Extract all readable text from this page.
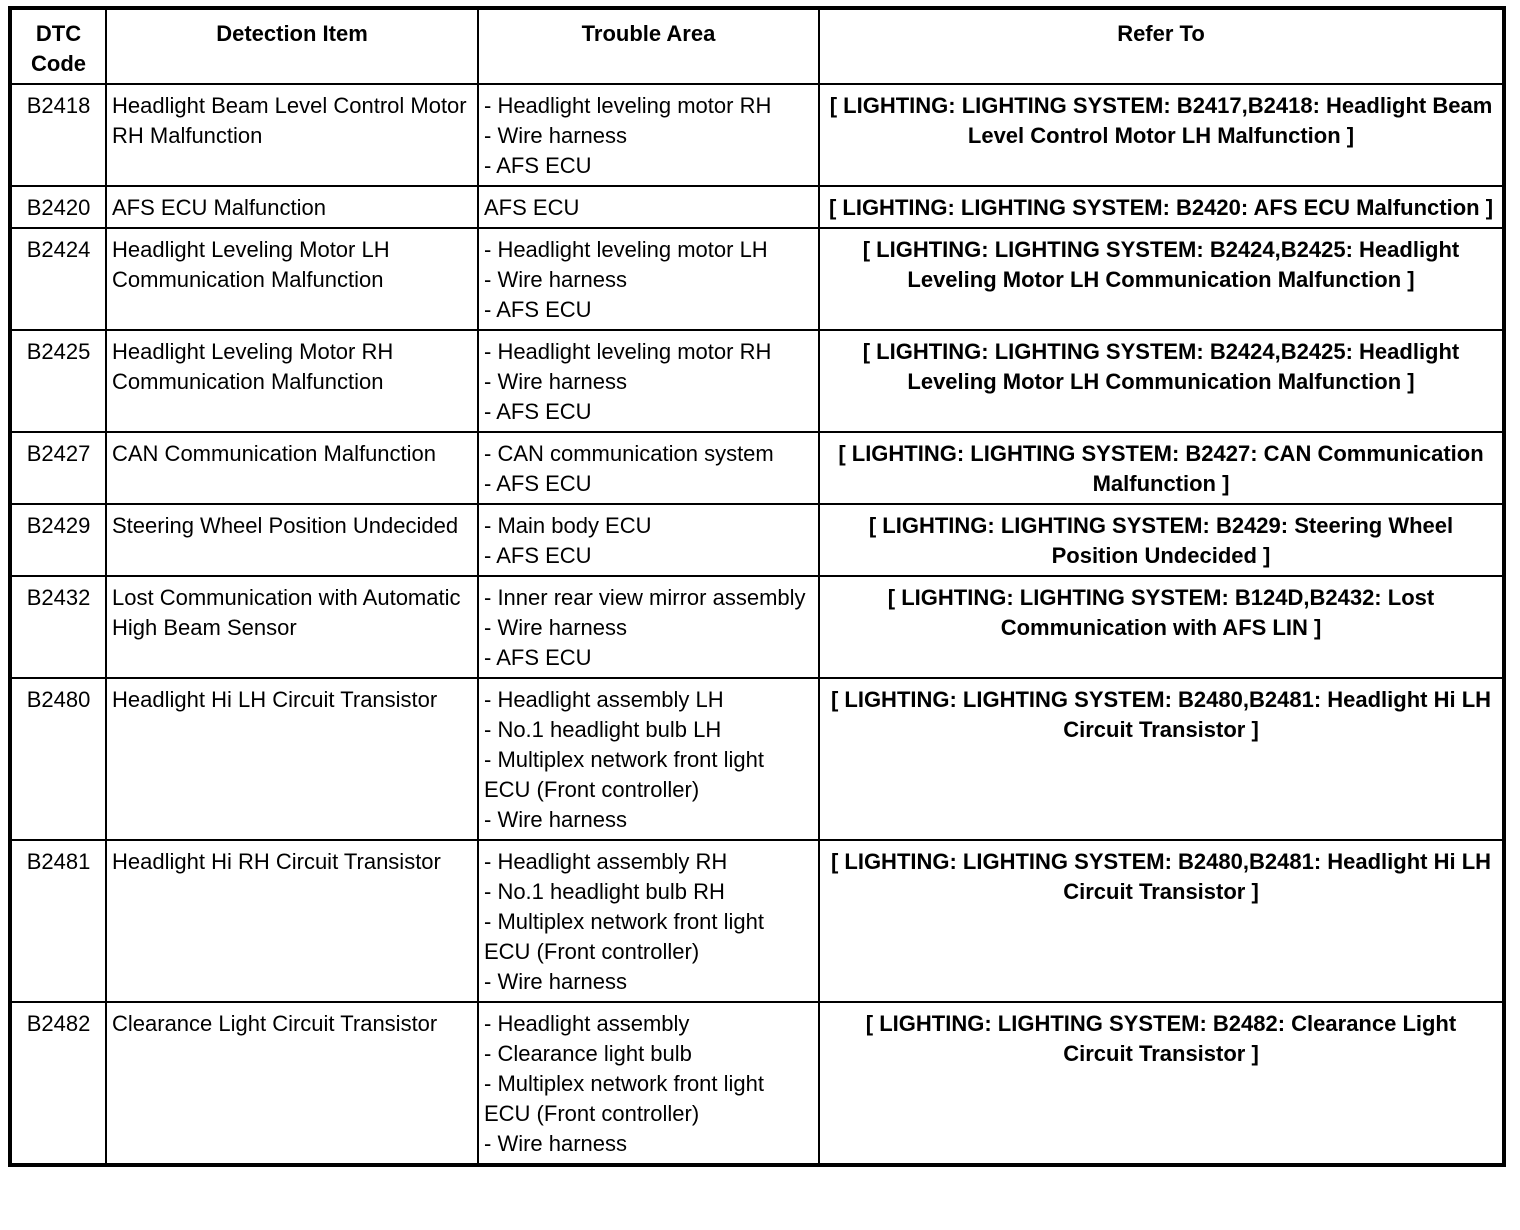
DTC
Code	Detection Item	Trouble Area	Refer To
B2418	Headlight Beam Level Control Motor RH Malfunction	- Headlight leveling motor RH
- Wire harness
- AFS ECU	[ LIGHTING: LIGHTING SYSTEM: B2417,B2418: Headlight Beam Level Control Motor LH Malfunction ]
B2420	AFS ECU Malfunction	AFS ECU	[ LIGHTING: LIGHTING SYSTEM: B2420: AFS ECU Malfunction ]
B2424	Headlight Leveling Motor LH Communication Malfunction	- Headlight leveling motor LH
- Wire harness
- AFS ECU	[ LIGHTING: LIGHTING SYSTEM: B2424,B2425: Headlight Leveling Motor LH Communication Malfunction ]
B2425	Headlight Leveling Motor RH Communication Malfunction	- Headlight leveling motor RH
- Wire harness
- AFS ECU	[ LIGHTING: LIGHTING SYSTEM: B2424,B2425: Headlight Leveling Motor LH Communication Malfunction ]
B2427	CAN Communication Malfunction	- CAN communication system
- AFS ECU	[ LIGHTING: LIGHTING SYSTEM: B2427: CAN Communication Malfunction ]
B2429	Steering Wheel Position Undecided	- Main body ECU
- AFS ECU	[ LIGHTING: LIGHTING SYSTEM: B2429: Steering Wheel Position Undecided ]
B2432	Lost Communication with Automatic High Beam Sensor	- Inner rear view mirror assembly
- Wire harness
- AFS ECU	[ LIGHTING: LIGHTING SYSTEM: B124D,B2432: Lost Communication with AFS LIN ]
B2480	Headlight Hi LH Circuit Transistor	- Headlight assembly LH
- No.1 headlight bulb LH
- Multiplex network front light ECU (Front controller)
- Wire harness	[ LIGHTING: LIGHTING SYSTEM: B2480,B2481: Headlight Hi LH Circuit Transistor ]
B2481	Headlight Hi RH Circuit Transistor	- Headlight assembly RH
- No.1 headlight bulb RH
- Multiplex network front light ECU (Front controller)
- Wire harness	[ LIGHTING: LIGHTING SYSTEM: B2480,B2481: Headlight Hi LH Circuit Transistor ]
B2482	Clearance Light Circuit Transistor	- Headlight assembly
- Clearance light bulb
- Multiplex network front light ECU (Front controller)
- Wire harness	[ LIGHTING: LIGHTING SYSTEM: B2482: Clearance Light Circuit Transistor ]
